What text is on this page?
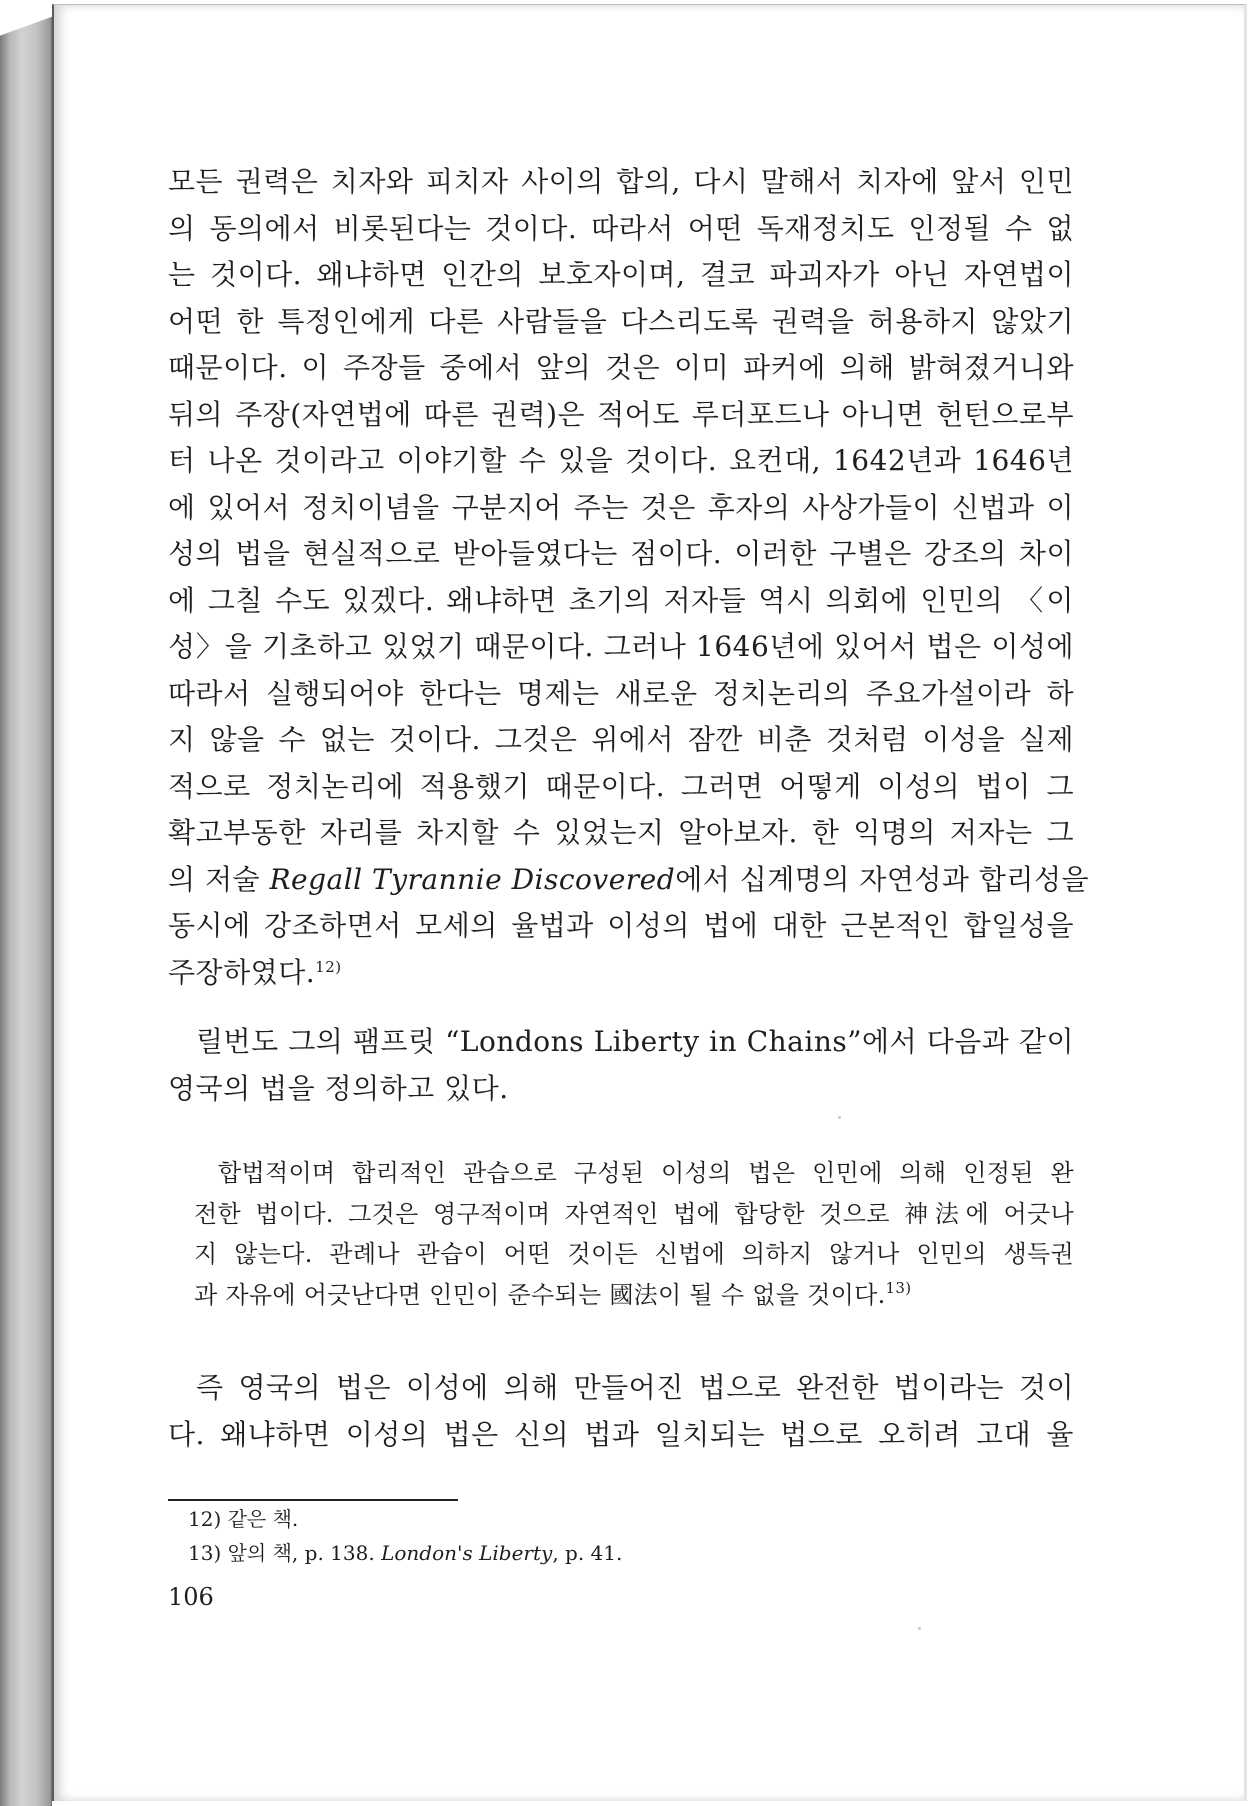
모든 권력은 치자와 피치자 사이의 합의, 다시 말해서 치자에 앞서 인민
의 동의에서 비롯된다는 것이다. 따라서 어떤 독재정치도 인정될 수 없
는 것이다. 왜냐하면 인간의 보호자이며, 결코 파괴자가 아닌 자연법이
어떤 한 특정인에게 다른 사람들을 다스리도록 권력을 허용하지 않았기
때문이다. 이 주장들 중에서 앞의 것은 이미 파커에 의해 밝혀졌거니와
뒤의 주장(자연법에 따른 권력)은 적어도 루더포드나 아니면 헌턴으로부
터 나온 것이라고 이야기할 수 있을 것이다. 요컨대, 1642년과 1646년
에 있어서 정치이념을 구분지어 주는 것은 후자의 사상가들이 신법과 이
성의 법을 현실적으로 받아들였다는 점이다. 이러한 구별은 강조의 차이
에 그칠 수도 있겠다. 왜냐하면 초기의 저자들 역시 의회에 인민의 〈이
성〉을 기초하고 있었기 때문이다. 그러나 1646년에 있어서 법은 이성에
따라서 실행되어야 한다는 명제는 새로운 정치논리의 주요가설이라 하
지 않을 수 없는 것이다. 그것은 위에서 잠깐 비춘 것처럼 이성을 실제
적으로 정치논리에 적용했기 때문이다. 그러면 어떻게 이성의 법이 그
확고부동한 자리를 차지할 수 있었는지 알아보자. 한 익명의 저자는 그
의 저술 Regall Tyrannie Discovered에서 십계명의 자연성과 합리성을
동시에 강조하면서 모세의 율법과 이성의 법에 대한 근본적인 합일성을
주장하였다.$^{12)}$
릴번도 그의 팸프릿 “Londons Liberty in Chains”에서 다음과 같이
영국의 법을 정의하고 있다.
합법적이며 합리적인 관습으로 구성된 이성의 법은 인민에 의해 인정된 완
전한 법이다. 그것은 영구적이며 자연적인 법에 합당한 것으로 神法에 어긋나
지 않는다. 관례나 관습이 어떤 것이든 신법에 의하지 않거나 인민의 생득권
과 자유에 어긋난다면 인민이 준수되는 國法이 될 수 없을 것이다.$^{13)}$
즉 영국의 법은 이성에 의해 만들어진 법으로 완전한 법이라는 것이
다. 왜냐하면 이성의 법은 신의 법과 일치되는 법으로 오히려 고대 율
12) 같은 책.
13) 앞의 책, p. 138. London's Liberty, p. 41.
106
